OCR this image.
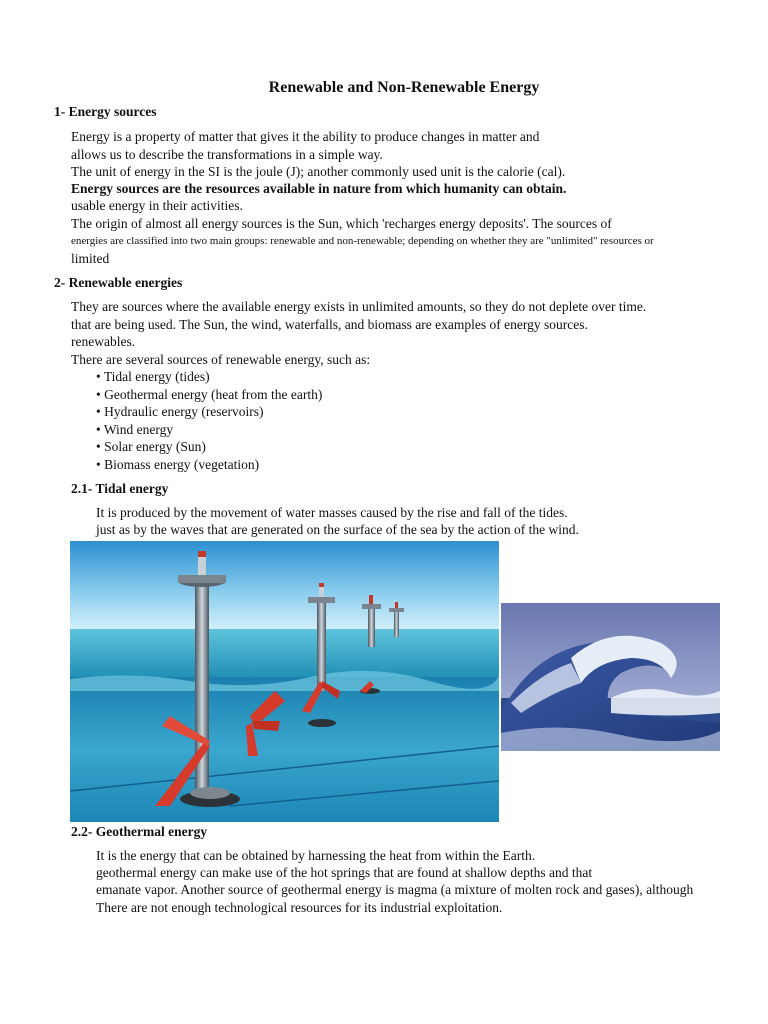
Renewable and Non-Renewable Energy
1- Energy sources
Energy is a property of matter that gives it the ability to produce changes in matter and
allows us to describe the transformations in a simple way.
The unit of energy in the SI is the joule (J); another commonly used unit is the calorie (cal).
Energy sources are the resources available in nature from which humanity can obtain.
usable energy in their activities.
The origin of almost all energy sources is the Sun, which 'recharges energy deposits'. The sources of
energies are classified into two main groups: renewable and non-renewable; depending on whether they are "unlimited" resources or
limited
2- Renewable energies
They are sources where the available energy exists in unlimited amounts, so they do not deplete over time.
that are being used. The Sun, the wind, waterfalls, and biomass are examples of energy sources.
renewables.
There are several sources of renewable energy, such as:
• Tidal energy (tides)
• Geothermal energy (heat from the earth)
• Hydraulic energy (reservoirs)
• Wind energy
• Solar energy (Sun)
• Biomass energy (vegetation)
2.1- Tidal energy
It is produced by the movement of water masses caused by the rise and fall of the tides.
just as by the waves that are generated on the surface of the sea by the action of the wind.
2.2- Geothermal energy
It is the energy that can be obtained by harnessing the heat from within the Earth.
geothermal energy can make use of the hot springs that are found at shallow depths and that
emanate vapor. Another source of geothermal energy is magma (a mixture of molten rock and gases), although
There are not enough technological resources for its industrial exploitation.
